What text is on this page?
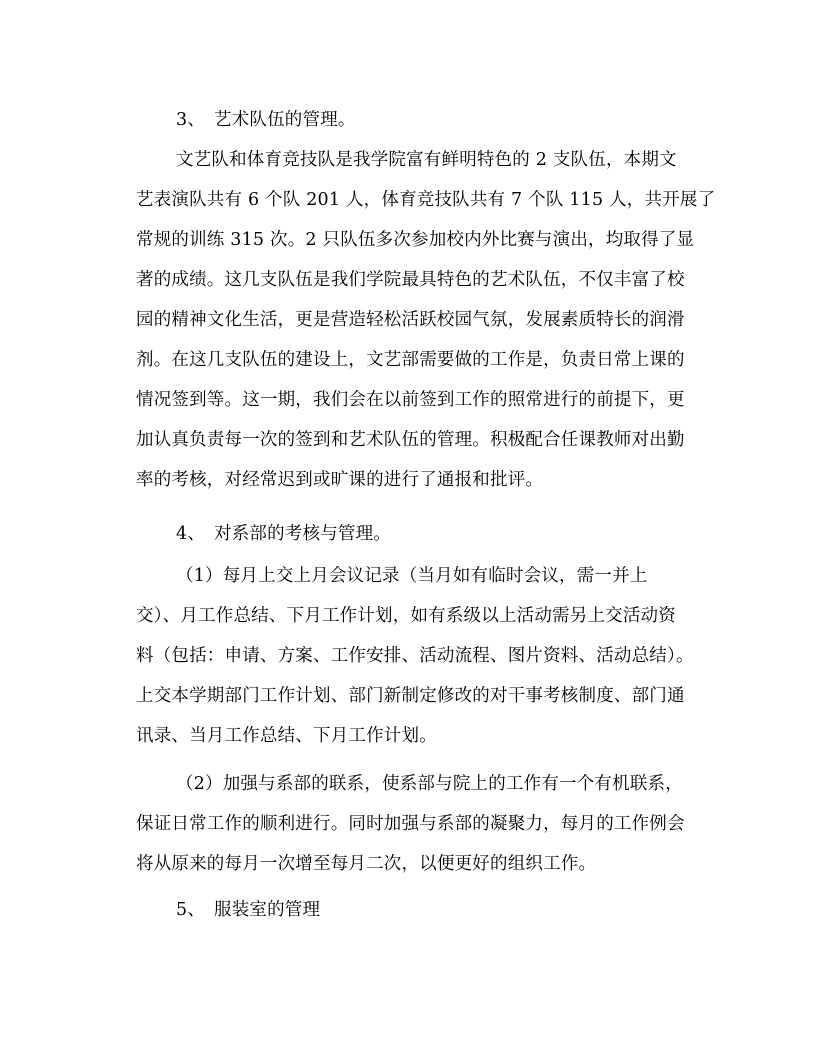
3、 艺术队伍的管理。
文艺队和体育竞技队是我学院富有鲜明特色的 2 支队伍，本期文
艺表演队共有 6 个队 201 人，体育竞技队共有 7 个队 115 人，共开展了
常规的训练 315 次。2 只队伍多次参加校内外比赛与演出，均取得了显
著的成绩。这几支队伍是我们学院最具特色的艺术队伍，不仅丰富了校
园的精神文化生活，更是营造轻松活跃校园气氛，发展素质特长的润滑
剂。在这几支队伍的建设上，文艺部需要做的工作是，负责日常上课的
情况签到等。这一期，我们会在以前签到工作的照常进行的前提下，更
加认真负责每一次的签到和艺术队伍的管理。积极配合任课教师对出勤
率的考核，对经常迟到或旷课的进行了通报和批评。
4、 对系部的考核与管理。
（1）每月上交上月会议记录（当月如有临时会议，需一并上
交）、月工作总结、下月工作计划，如有系级以上活动需另上交活动资
料（包括：申请、方案、工作安排、活动流程、图片资料、活动总结）。
上交本学期部门工作计划、部门新制定修改的对干事考核制度、部门通
讯录、当月工作总结、下月工作计划。
（2）加强与系部的联系，使系部与院上的工作有一个有机联系，
保证日常工作的顺利进行。同时加强与系部的凝聚力，每月的工作例会
将从原来的每月一次增至每月二次，以便更好的组织工作。
5、 服装室的管理
